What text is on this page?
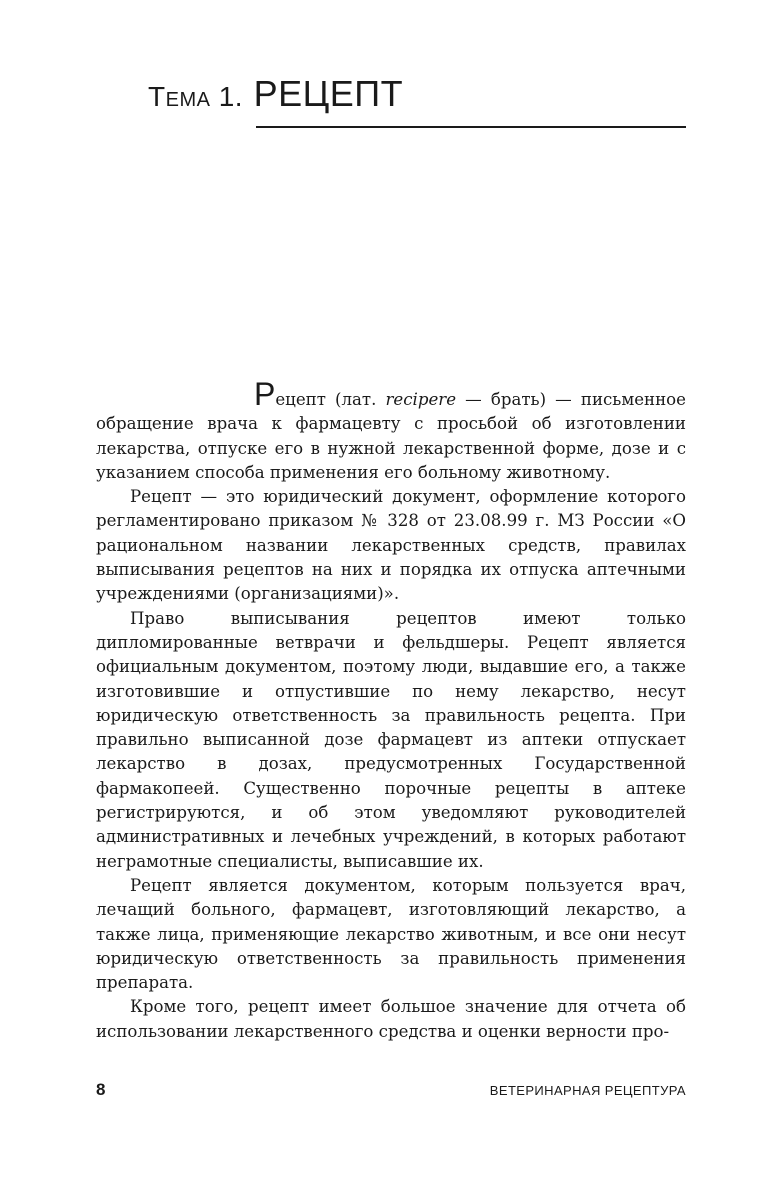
Тема 1. РЕЦЕПТ

Рецепт (лат. recipere — брать) — письменное обращение врача к фармацевту с просьбой об изготовлении лекарства, отпуске его в нужной лекарственной форме, дозе и с указанием способа применения его больному животному.

Рецепт — это юридический документ, оформление которого регламентировано приказом № 328 от 23.08.99 г. МЗ России «О рациональном названии лекарственных средств, правилах выписывания рецептов на них и порядка их отпуска аптечными учреждениями (организациями)».

Право выписывания рецептов имеют только дипломированные ветврачи и фельдшеры. Рецепт является официальным документом, поэтому люди, выдавшие его, а также изготовившие и отпустившие по нему лекарство, несут юридическую ответственность за правильность рецепта. При правильно выписанной дозе фармацевт из аптеки отпускает лекарство в дозах, предусмотренных Государственной фармакопеей. Существенно порочные рецепты в аптеке регистрируются, и об этом уведомляют руководителей административных и лечебных учреждений, в которых работают неграмотные специалисты, выписавшие их.

Рецепт является документом, которым пользуется врач, лечащий больного, фармацевт, изготовляющий лекарство, а также лица, применяющие лекарство животным, и все они несут юридическую ответственность за правильность применения препарата.

Кроме того, рецепт имеет большое значение для отчета об использовании лекарственного средства и оценки верности про-

8	ВЕТЕРИНАРНАЯ РЕЦЕПТУРА
